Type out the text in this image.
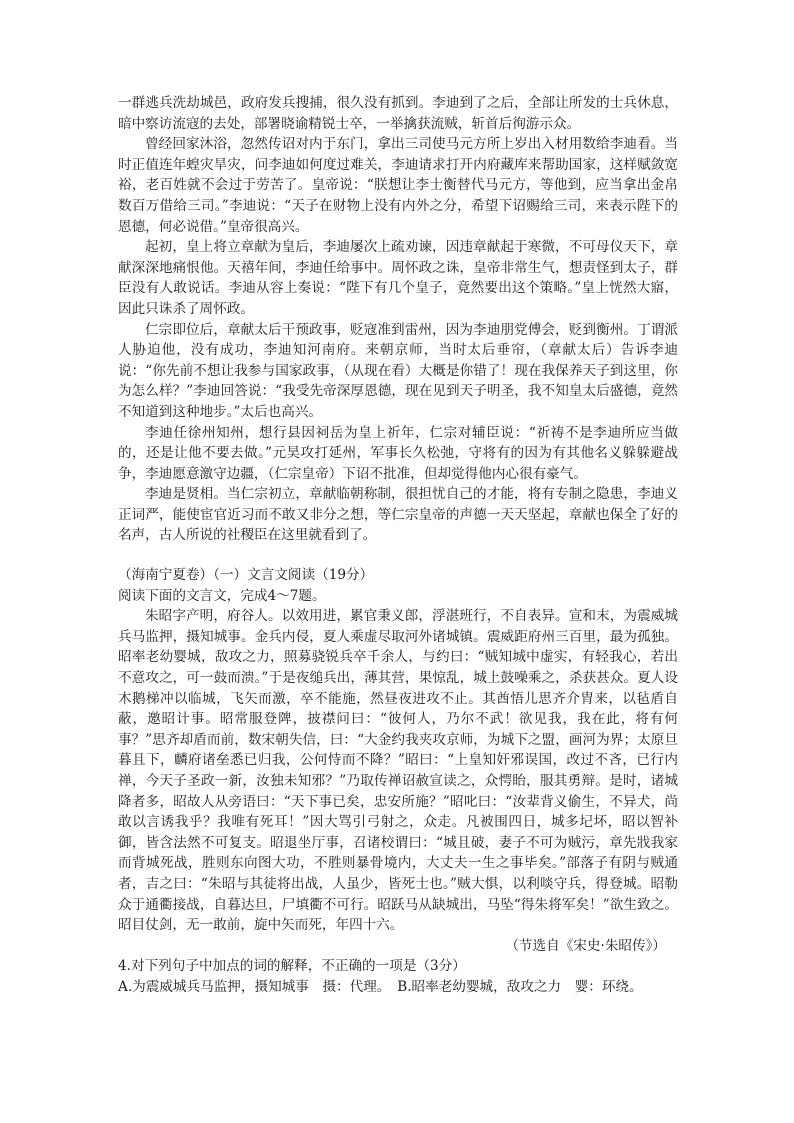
一群逃兵洗劫城邑，政府发兵搜捕，很久没有抓到。李迪到了之后，全部让所发的士兵休息，暗中察访流寇的去处，部署晓谕精锐士卒，一举擒获流贼，斩首后徇游示众。

曾经回家沐浴，忽然传诏对内于东门，拿出三司使马元方所上岁出入材用数给李迪看。当时正值连年蝗灾旱灾，问李迪如何度过难关，李迪请求打开内府藏库来帮助国家，这样赋敛宽裕，老百姓就不会过于劳苦了。皇帝说：“朕想让李士衡替代马元方，等他到，应当拿出金帛数百万借给三司。”李迪说：“天子在财物上没有内外之分，希望下诏赐给三司，来表示陛下的恩德，何必说借。”皇帝很高兴。

起初，皇上将立章献为皇后，李迪屡次上疏劝谏，因违章献起于寒微，不可母仪天下，章献深深地痛恨他。天禧年间，李迪任给事中。周怀政之诛，皇帝非常生气，想责怪到太子，群臣没有人敢说话。李迪从容上奏说：“陛下有几个皇子，竟然要出这个策略。”皇上恍然大寤，因此只诛杀了周怀政。

仁宗即位后，章献太后干预政事，贬寇准到雷州，因为李迪朋党傅会，贬到衡州。丁谓派人胁迫他，没有成功，李迪知河南府。来朝京师，当时太后垂帘，（章献太后）告诉李迪说：“你先前不想让我参与国家政事，（从现在看）大概是你错了！现在我保养天子到这里，你为怎么样？”李迪回答说：“我受先帝深厚恩德，现在见到天子明圣，我不知皇太后盛德，竟然不知道到这种地步。”太后也高兴。

李迪任徐州知州，想行县因祠岳为皇上祈年，仁宗对辅臣说：“祈祷不是李迪所应当做的，还是让他不要去做。”元昊攻打延州，军事长久松弛，守将有的因为有其他名义躲躲避战争，李迪愿意激守边疆，（仁宗皇帝）下诏不批准，但却觉得他内心很有豪气。

李迪是贤相。当仁宗初立，章献临朝称制，很担忧自己的才能，将有专制之隐患，李迪义正词严，能使宦官近习而不敢又非分之想，等仁宗皇帝的声德一天天坚起，章献也保全了好的名声，古人所说的社稷臣在这里就看到了。

（海南宁夏卷）（一）文言文阅读（19分）

阅读下面的文言文，完成4～7题。

朱昭字产明，府谷人。以效用进，累官秉义郎，浮湛班行，不自表异。宣和末，为震威城兵马监押，摄知城事。金兵内侵，夏人乘虚尽取河外诸城镇。震威距府州三百里，最为孤独。昭率老幼婴城，敌攻之力，照募骁锐兵卒千余人，与约曰：“贼知城中虚实，有轻我心，若出不意攻之，可一鼓而溃。”于是夜缒兵出，薄其营，果惊乱，城上鼓噪乘之，杀获甚众。夏人设木鹅梯冲以临城，飞矢而激，卒不能施，然昼夜进攻不止。其酋悟儿思齐介胄来，以毡盾自蔽，邀昭计事。昭常服登陴，披襟问曰：“彼何人，乃尔不武！欲见我，我在此，将有何事？”思齐却盾而前，数宋朝失信，曰：“大金约我夹攻京师，为城下之盟，画河为界；太原旦暮且下，麟府诸垒悉已归我，公何恃而不降？”昭曰：“上皇知奸邪误国，改过不吝，已行内禅，今天子圣政一新，汝独未知邪？”乃取传禅诏赦宣读之，众愕眙，服其勇辩。是时，诸城降者多，昭故人从旁语曰：“天下事已矣，忠安所施？”昭叱曰：“汝辈背义偷生，不异犬，尚敢以言诱我乎？我唯有死耳！”因大骂引弓射之，众走。凡被围四日，城多圮坏，昭以智补御，皆含法然不可复支。昭退坐厅事，召诸校谓曰：“城且破，妻子不可为贼污，章先戕我家而背城死战，胜则东向图大功，不胜则暴骨境内，大丈夫一生之事毕矣。”部落子有阴与贼通者，吉之曰：“朱昭与其徒将出战，人虽少，皆死士也。”贼大惧，以利啖守兵，得登城。昭勒众于通衢接战，自暮达旦，尸填衢不可行。昭跃马从缺城出，马坠“得朱将军矣！”欲生致之。昭目仗剑，无一敢前，旋中矢而死，年四十六。

（节选自《宋史·朱昭传》）

4.对下列句子中加点的词的解释，不正确的一项是（3分）

A.为震威城兵马监押，摄知城事　摄：代理。　B.昭率老幼婴城，敌攻之力　婴：环绕。
